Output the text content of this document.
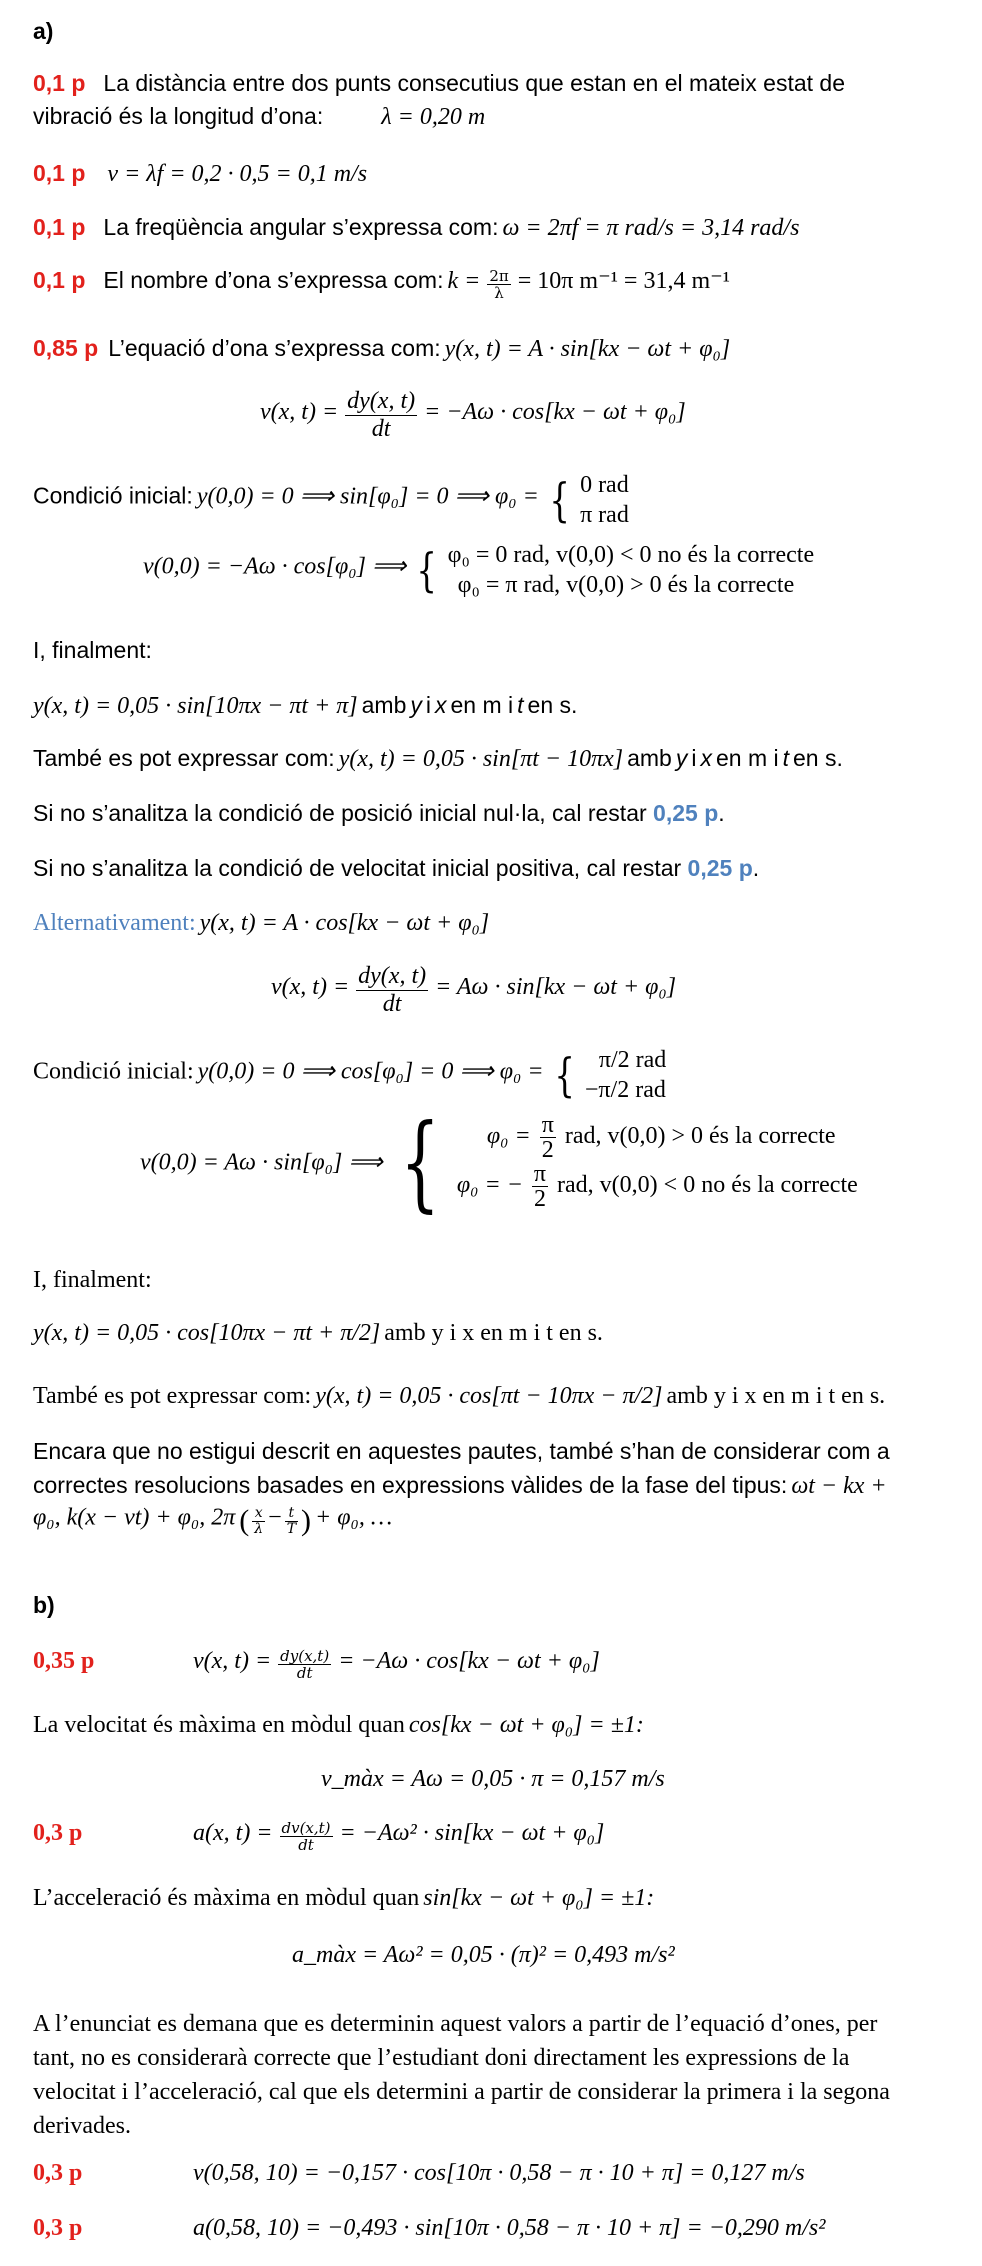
a)
0,1 p La distància entre dos punts consecutius que estan en el mateix estat de
vibració és la longitud d’ona: λ = 0,20 m
0,1 p v = λf = 0,2 · 0,5 = 0,1 m/s
0,1 p La freqüència angular s’expressa com: ω = 2πf = π rad/s = 3,14 rad/s
0,1 p El nombre d’ona s’expressa com: $k = \frac{2\pi}{\lambda} = 10\pi$ m⁻¹ = 31,4 m⁻¹
0,85 p L’equació d’ona s’expressa com: y(x, t) = A · sin[kx − ωt + φ₀]
v(x, $t) = \frac{dy(x, t)}{dt} = -A\omega \cdot \cos[kx - \omega t + \varphi_0]$
Condició inicial: y(0,0) = 0 ⟹ sin[φ₀] = 0 ⟹ φ₀ = { 0 rad
π rad
v(0,0) = −Aω · cos[φ₀] ⟹ { φ₀ = 0 rad, v(0,0) < 0 no és la correcte
φ₀ = π rad, v(0,0) > 0 és la correcte
I, finalment:
y(x, t) = 0,05 · sin[10πx − πt + π] amb y i x en m i t en s.
També es pot expressar com: y(x, t) = 0,05 · sin[πt − 10πx] amb y i x en m i t en s.
Si no s’analitza la condició de posició inicial nul·la, cal restar 0,25 p.
Si no s’analitza la condició de velocitat inicial positiva, cal restar 0,25 p.
Alternativament: y(x, t) = A · cos[kx − ωt + φ₀]
v(x, $t) = \frac{dy(x, t)}{dt} = A\omega \cdot \sin[kx - \omega t + \varphi_0]$
Condició inicial: y(0,0) = 0 ⟹ cos[φ₀] = 0 ⟹ φ₀ = {	π/2 rad
−π/2 rad
v(0,0) = Aω · sin[φ₀] ⟹ {	$\varphi_0 = \frac{\pi}{2}$ rad, v(0,0) > 0 és la correcte
φ₀ = − $\frac{\pi}{2}$ rad, v(0,0) < 0 no és la correcte
I, finalment:
y(x, t) = 0,05 · cos[10πx − πt + π/2] amb y i x en m i t en s.
També es pot expressar com: y(x, t) = 0,05 · cos[πt − 10πx − π/2] amb y i x en m i t en s.
Encara que no estigui descrit en aquestes pautes, també s’han de considerar com a
correctes resolucions basades en expressions vàlides de la fase del tipus: ωt − kx +
φ₀, k(x − vt) + φ₀, 2π ( $\frac{x}{\lambda} - \frac{t}{T}$ ) + φ₀, …
b)
0,35 p	v(x, $t) = \frac{dy(x,t)}{dt} = -A\omega \cdot \cos[kx - \omega t + \varphi_0]$
La velocitat és màxima en mòdul quan cos[kx − ωt + φ₀] = ±1:
v_màx = Aω = 0,05 · π = 0,157 m/s
0,3 p	a(x, $t) = \frac{dv(x,t)}{dt} = -A\omega^2 \cdot \sin[kx - \omega t + \varphi_0]$
L’acceleració és màxima en mòdul quan sin[kx − ωt + φ₀] = ±1:
a_màx = Aω² = 0,05 · (π)² = 0,493 m/s²
A l’enunciat es demana que es determinin aquest valors a partir de l’equació d’ones, per
tant, no es considerarà correcte que l’estudiant doni directament les expressions de la
velocitat i l’acceleració, cal que els determini a partir de considerar la primera i la segona
derivades.
0,3 p	v(0,58, 10) = −0,157 · cos[10π · 0,58 − π · 10 + π] = 0,127 m/s
0,3 p	a(0,58, 10) = −0,493 · sin[10π · 0,58 − π · 10 + π] = −0,290 m/s²
